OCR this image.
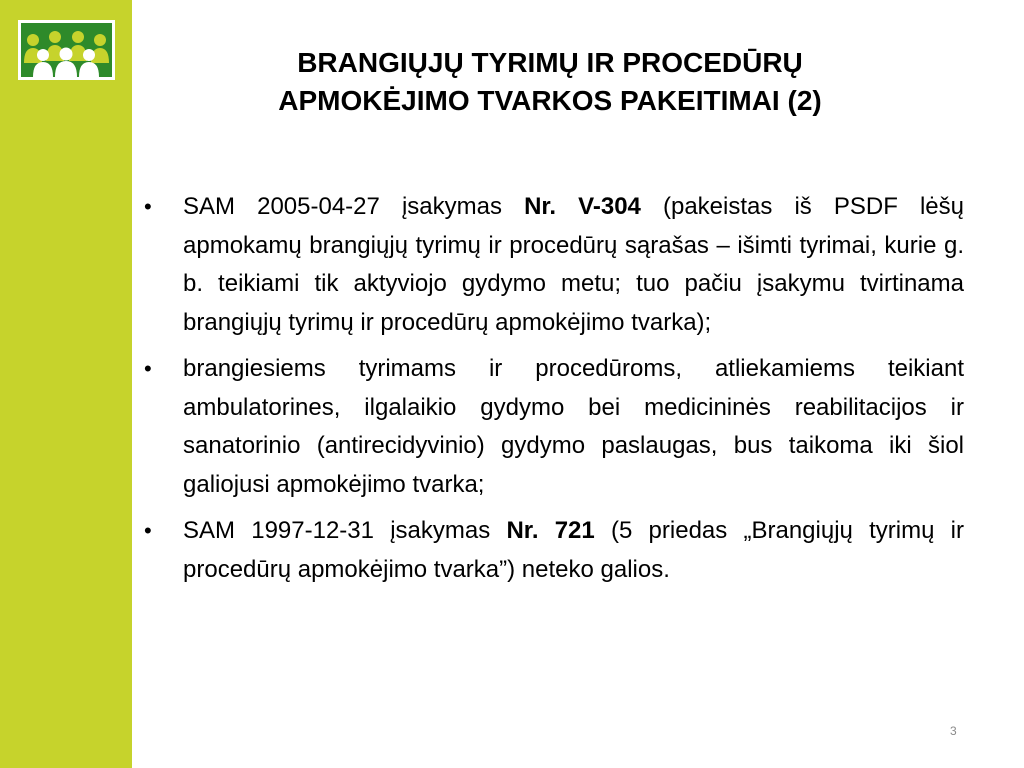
BRANGIŲJŲ TYRIMŲ IR PROCEDŪRŲ
APMOKĖJIMO TVARKOS PAKEITIMAI (2)
• SAM 2005-04-27 įsakymas Nr. V-304 (pakeistas iš PSDF lėšų apmokamų brangiųjų tyrimų ir procedūrų sąrašas – išimti tyrimai, kurie g. b. teikiami tik aktyviojo gydymo metu; tuo pačiu įsakymu tvirtinama brangiųjų tyrimų ir procedūrų apmokėjimo tvarka);
• brangiesiems tyrimams ir procedūroms, atliekamiems teikiant ambulatorines, ilgalaikio gydymo bei medicininės reabilitacijos ir sanatorinio (antirecidyvinio) gydymo paslaugas, bus taikoma iki šiol galiojusi apmokėjimo tvarka;
• SAM 1997-12-31 įsakymas Nr. 721 (5 priedas „Brangiųjų tyrimų ir procedūrų apmokėjimo tvarka”) neteko galios.
3
